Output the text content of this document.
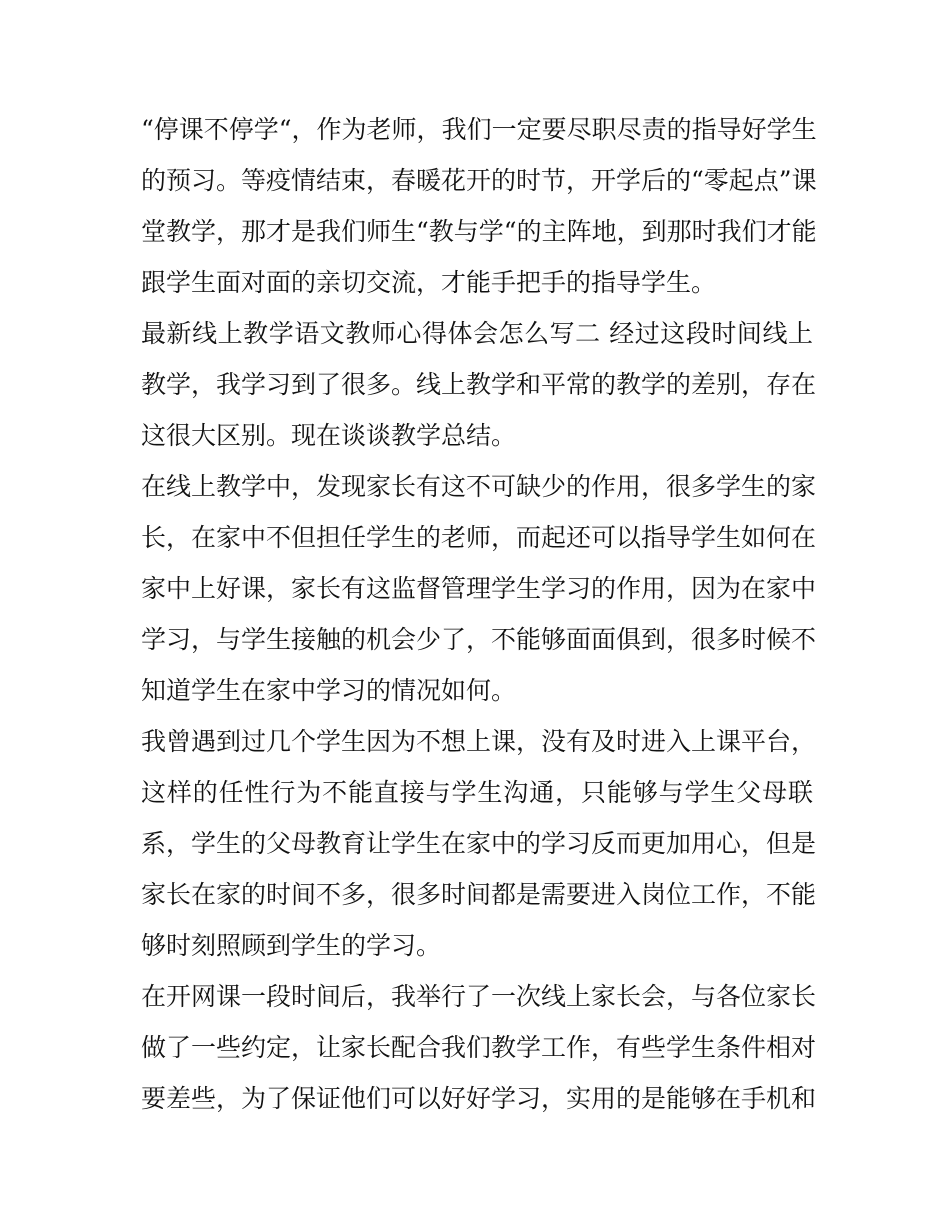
“停课不停学“，作为老师，我们一定要尽职尽责的指导好学生
的预习。等疫情结束，春暖花开的时节，开学后的“零起点”课
堂教学，那才是我们师生“教与学“的主阵地，到那时我们才能
跟学生面对面的亲切交流，才能手把手的指导学生。
最新线上教学语文教师心得体会怎么写二 经过这段时间线上
教学，我学习到了很多。线上教学和平常的教学的差别，存在
这很大区别。现在谈谈教学总结。
在线上教学中，发现家长有这不可缺少的作用，很多学生的家
长，在家中不但担任学生的老师，而起还可以指导学生如何在
家中上好课，家长有这监督管理学生学习的作用，因为在家中
学习，与学生接触的机会少了，不能够面面俱到，很多时候不
知道学生在家中学习的情况如何。
我曾遇到过几个学生因为不想上课，没有及时进入上课平台，
这样的任性行为不能直接与学生沟通，只能够与学生父母联
系，学生的父母教育让学生在家中的学习反而更加用心，但是
家长在家的时间不多，很多时间都是需要进入岗位工作，不能
够时刻照顾到学生的学习。
在开网课一段时间后，我举行了一次线上家长会，与各位家长
做了一些约定，让家长配合我们教学工作，有些学生条件相对
要差些，为了保证他们可以好好学习，实用的是能够在手机和
